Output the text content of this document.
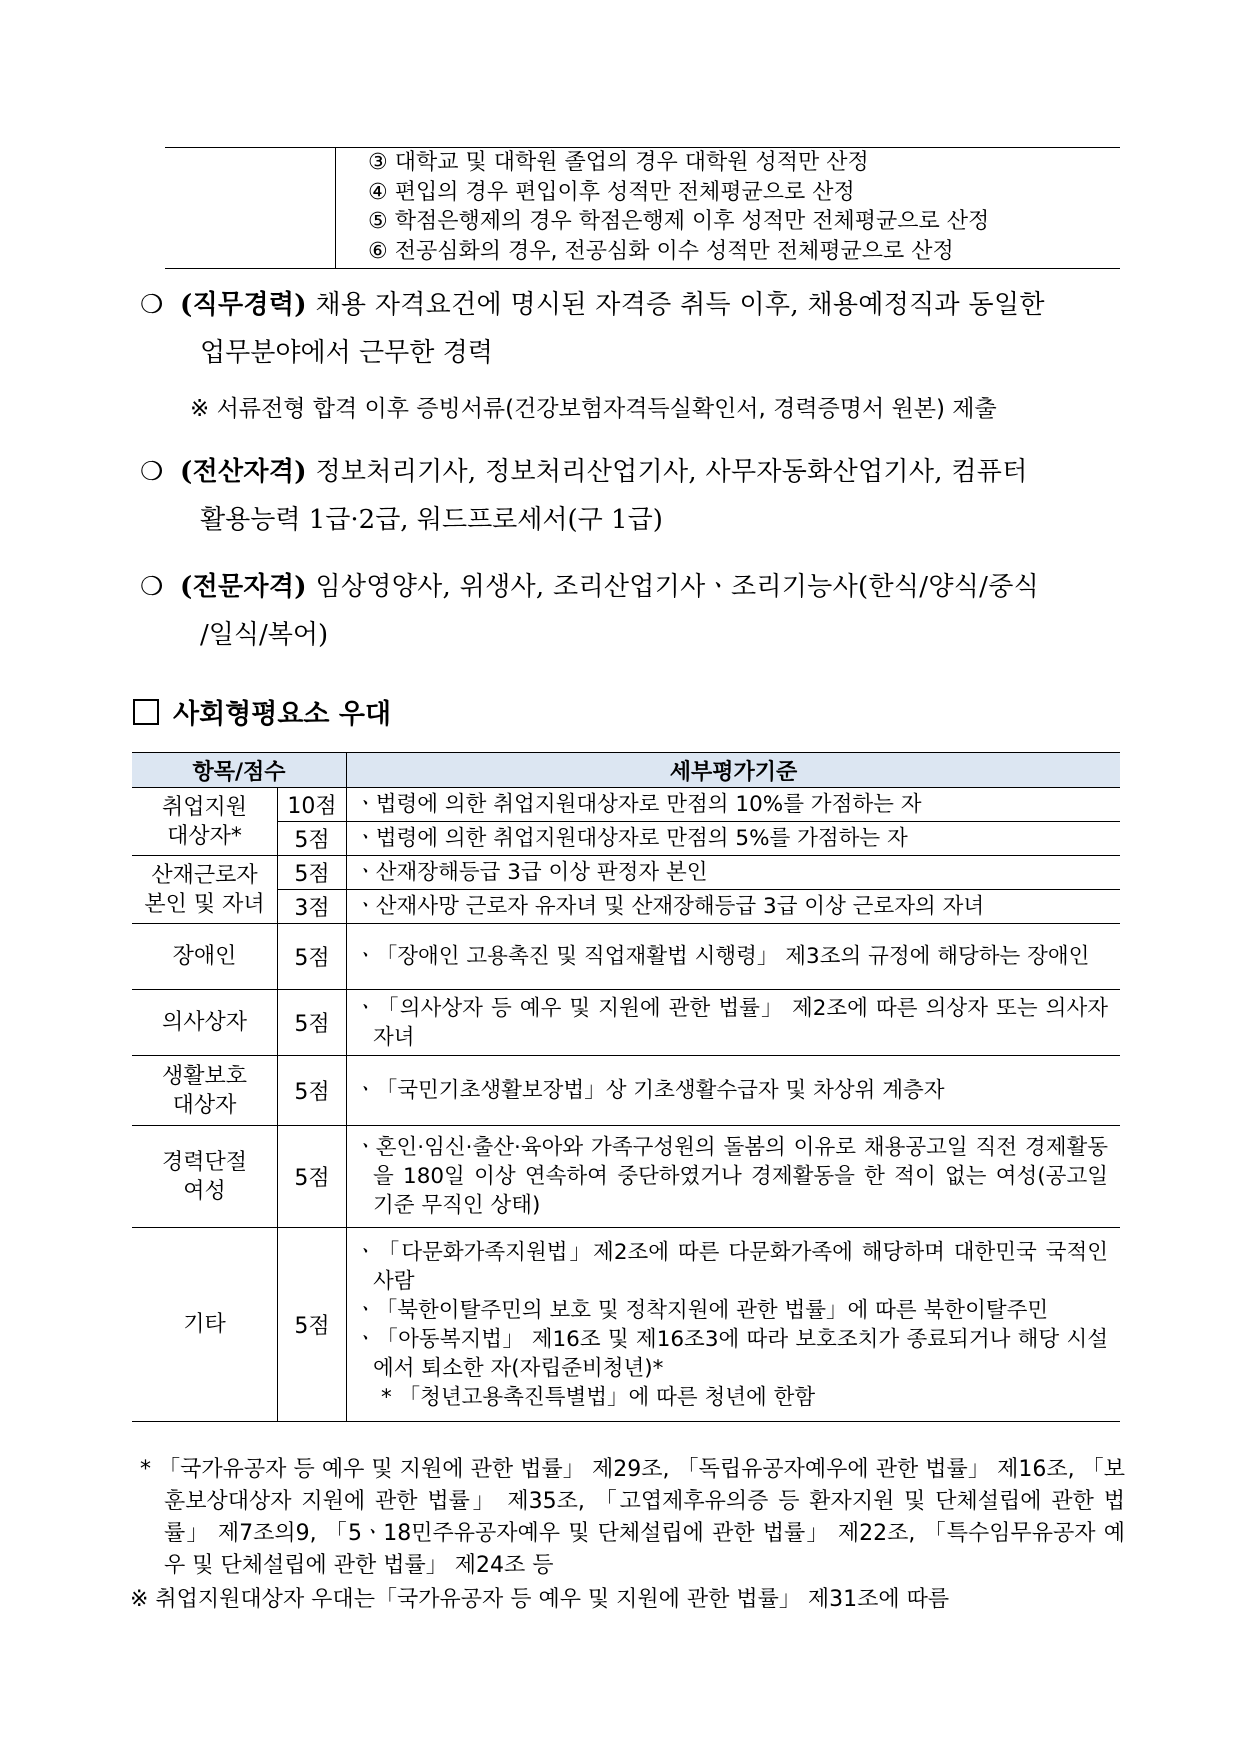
	③ 대학교 및 대학원 졸업의 경우 대학원 성적만 산정
	④ 편입의 경우 편입이후 성적만 전체평균으로 산정
	⑤ 학점은행제의 경우 학점은행제 이후 성적만 전체평균으로 산정
	⑥ 전공심화의 경우, 전공심화 이수 성적만 전체평균으로 산정
❍ (직무경력) 채용 자격요건에 명시된 자격증 취득 이후, 채용예정직과 동일한
업무분야에서 근무한 경력
※ 서류전형 합격 이후 증빙서류(건강보험자격득실확인서, 경력증명서 원본) 제출
❍ (전산자격) 정보처리기사, 정보처리산업기사, 사무자동화산업기사, 컴퓨터
활용능력 1급·2급, 워드프로세서(구 1급)
❍ (전문자격) 임상영양사, 위생사, 조리산업기사ㆍ조리기능사(한식/양식/중식
/일식/복어)
사회형평요소 우대
항목/점수		세부평가기준
취업지원
대상자*	10점	ㆍ법령에 의한 취업지원대상자로 만점의 10%를 가점하는 자

	5점	ㆍ법령에 의한 취업지원대상자로 만점의 5%를 가점하는 자

산재근로자
본인 및 자녀	5점	ㆍ산재장해등급 3급 이상 판정자 본인

	3점	ㆍ산재사망 근로자 유자녀 및 산재장해등급 3급 이상 근로자의 자녀

장애인	5점	ㆍ「장애인 고용촉진 및 직업재활법 시행령」 제3조의 규정에 해당하는 장애인

의사상자	5점	ㆍ「의사상자 등 예우 및 지원에 관한 법률」 제2조에 따른 의상자 또는 의사자 자녀

생활보호
대상자	5점	ㆍ「국민기초생활보장법」상 기초생활수급자 및 차상위 계층자

경력단절
여성	5점	ㆍ혼인·임신·출산·육아와 가족구성원의 돌봄의 이유로 채용공고일 직전 경제활동을 180일 이상 연속하여 중단하였거나 경제활동을 한 적이 없는 여성(공고일 기준 무직인 상태)

기타	5점	ㆍ「다문화가족지원법」제2조에 따른 다문화가족에 해당하며 대한민국 국적인 사람
ㆍ「북한이탈주민의 보호 및 정착지원에 관한 법률」에 따른 북한이탈주민
ㆍ「아동복지법」 제16조 및 제16조3에 따라 보호조치가 종료되거나 해당 시설에서 퇴소한 자(자립준비청년)*
* 「청년고용촉진특별법」에 따른 청년에 한함
* 「국가유공자 등 예우 및 지원에 관한 법률」 제29조, 「독립유공자예우에 관한 법률」 제16조, 「보훈보상대상자 지원에 관한 법률」 제35조, 「고엽제후유의증 등 환자지원 및 단체설립에 관한 법률」 제7조의9, 「5ㆍ18민주유공자예우 및 단체설립에 관한 법률」 제22조, 「특수임무유공자 예우 및 단체설립에 관한 법률」 제24조 등
※ 취업지원대상자 우대는「국가유공자 등 예우 및 지원에 관한 법률」 제31조에 따름
